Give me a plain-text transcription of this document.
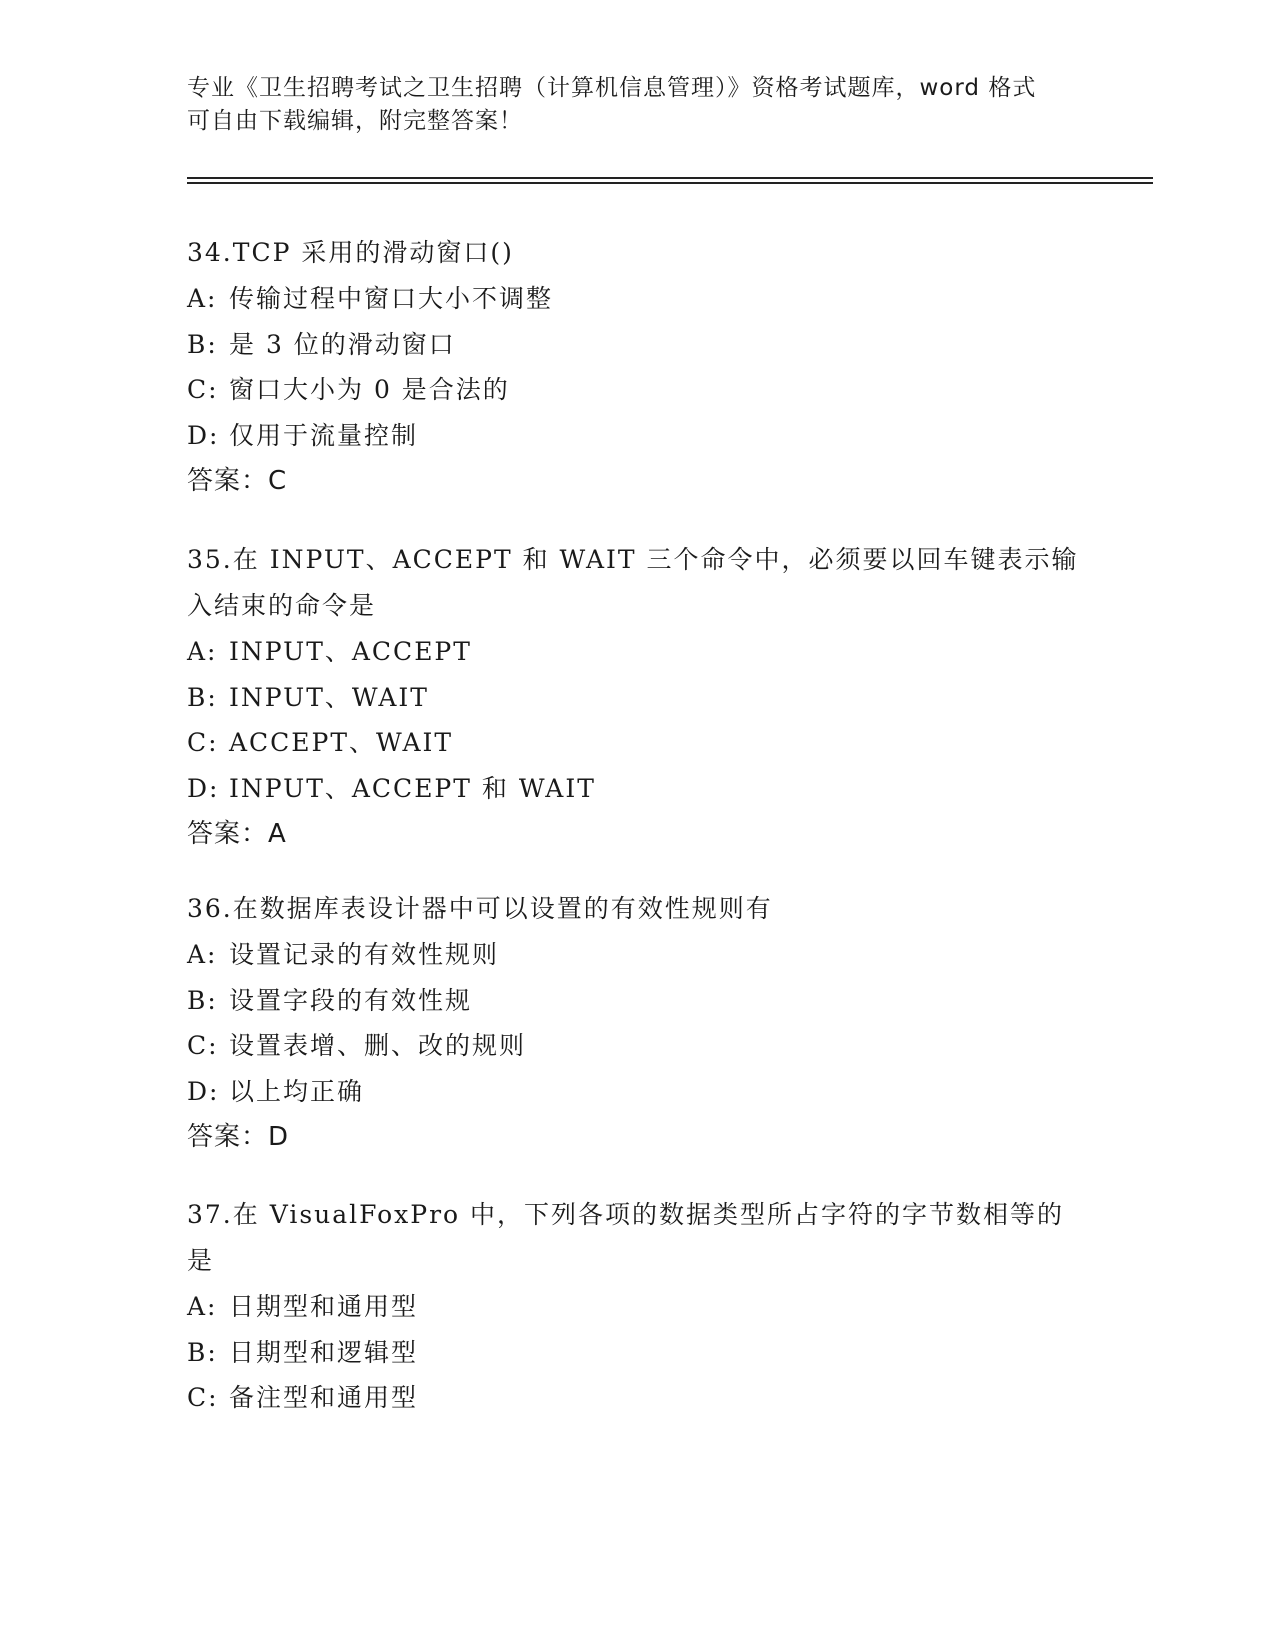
专业《卫生招聘考试之卫生招聘（计算机信息管理）》资格考试题库，word 格式
可自由下载编辑，附完整答案！
34.TCP 采用的滑动窗口()
A: 传输过程中窗口大小不调整
B: 是 3 位的滑动窗口
C: 窗口大小为 0 是合法的
D: 仅用于流量控制
答案：C
35.在 INPUT、ACCEPT 和 WAIT 三个命令中，必须要以回车键表示输入结束的命令是
A: INPUT、ACCEPT
B: INPUT、WAIT
C: ACCEPT、WAIT
D: INPUT、ACCEPT 和 WAIT
答案：A
36.在数据库表设计器中可以设置的有效性规则有
A: 设置记录的有效性规则
B: 设置字段的有效性规
C: 设置表增、删、改的规则
D: 以上均正确
答案：D
37.在 VisualFoxPro 中，下列各项的数据类型所占字符的字节数相等的是
A: 日期型和通用型
B: 日期型和逻辑型
C: 备注型和通用型
